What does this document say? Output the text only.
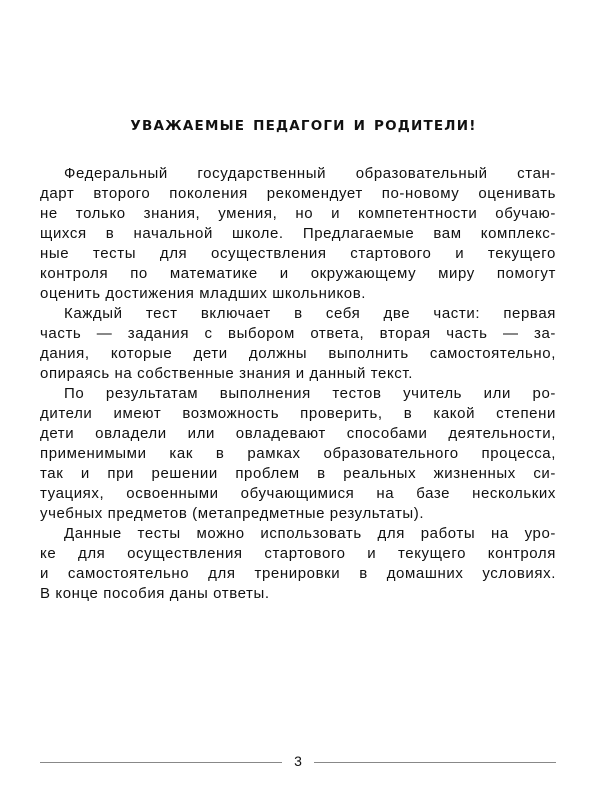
УВАЖАЕМЫЕ ПЕДАГОГИ И РОДИТЕЛИ!
Федеральный государственный образовательный стан-
дарт второго поколения рекомендует по-новому оценивать
не только знания, умения, но и компетентности обучаю-
щихся в начальной школе. Предлагаемые вам комплекс-
ные тесты для осуществления стартового и текущего
контроля по математике и окружающему миру помогут
оценить достижения младших школьников.
Каждый тест включает в себя две части: первая
часть — задания с выбором ответа, вторая часть — за-
дания, которые дети должны выполнить самостоятельно,
опираясь на собственные знания и данный текст.
По результатам выполнения тестов учитель или ро-
дители имеют возможность проверить, в какой степени
дети овладели или овладевают способами деятельности,
применимыми как в рамках образовательного процесса,
так и при решении проблем в реальных жизненных си-
туациях, освоенными обучающимися на базе нескольких
учебных предметов (метапредметные результаты).
Данные тесты можно использовать для работы на уро-
ке для осуществления стартового и текущего контроля
и самостоятельно для тренировки в домашних условиях.
В конце пособия даны ответы.
3
